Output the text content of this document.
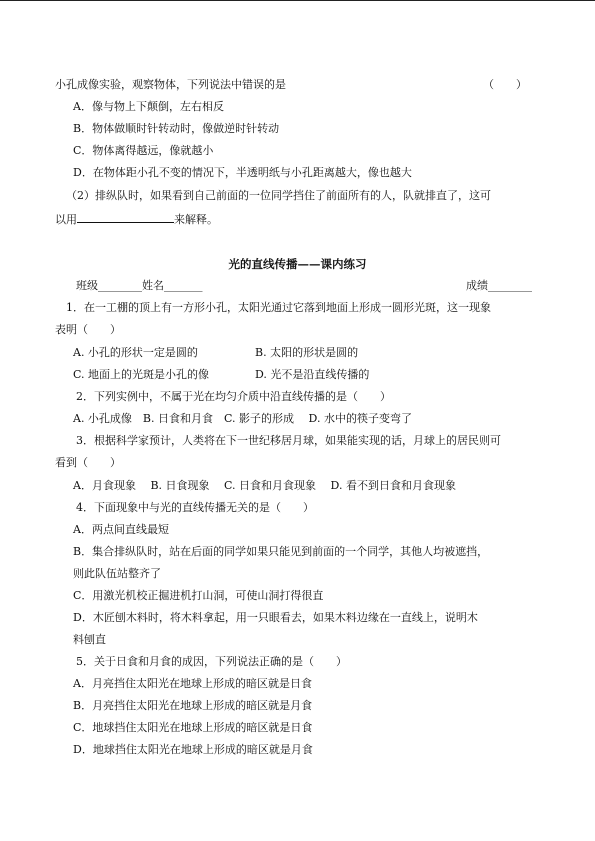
小孔成像实验，观察物体，下列说法中错误的是	（　　）
A．像与物上下颠倒，左右相反
B．物体做顺时针转动时，像做逆时针转动
C．物体离得越远，像就越小
D．在物体距小孔不变的情况下，半透明纸与小孔距离越大，像也越大
（2）排纵队时，如果看到自己前面的一位同学挡住了前面所有的人，队就排直了，这可
以用	来解释。
光的直线传播——课内练习
班级________姓名_______	成绩________
1．在一工棚的顶上有一方形小孔，太阳光通过它落到地面上形成一圆形光斑，这一现象
表明（　　）
A. 小孔的形状一定是圆的	B. 太阳的形状是圆的
C. 地面上的光斑是小孔的像	D. 光不是沿直线传播的
2．下列实例中，不属于光在均匀介质中沿直线传播的是（　　）
A. 小孔成像　B. 日食和月食　C. 影子的形成　 D. 水中的筷子变弯了
3．根据科学家预计，人类将在下一世纪移居月球，如果能实现的话，月球上的居民则可
看到（　　）
A．月食现象　 B. 日食现象　 C. 日食和月食现象　 D. 看不到日食和月食现象
4．下面现象中与光的直线传播无关的是（　　）
A．两点间直线最短
B．集合排纵队时，站在后面的同学如果只能见到前面的一个同学，其他人均被遮挡，
则此队伍站整齐了
C．用激光机校正掘进机打山洞，可使山洞打得很直
D．木匠刨木料时，将木料拿起，用一只眼看去，如果木料边缘在一直线上，说明木
料刨直
5．关于日食和月食的成因，下列说法正确的是（　　）
A．月亮挡住太阳光在地球上形成的暗区就是日食
B．月亮挡住太阳光在地球上形成的暗区就是月食
C．地球挡住太阳光在地球上形成的暗区就是日食
D．地球挡住太阳光在地球上形成的暗区就是月食
